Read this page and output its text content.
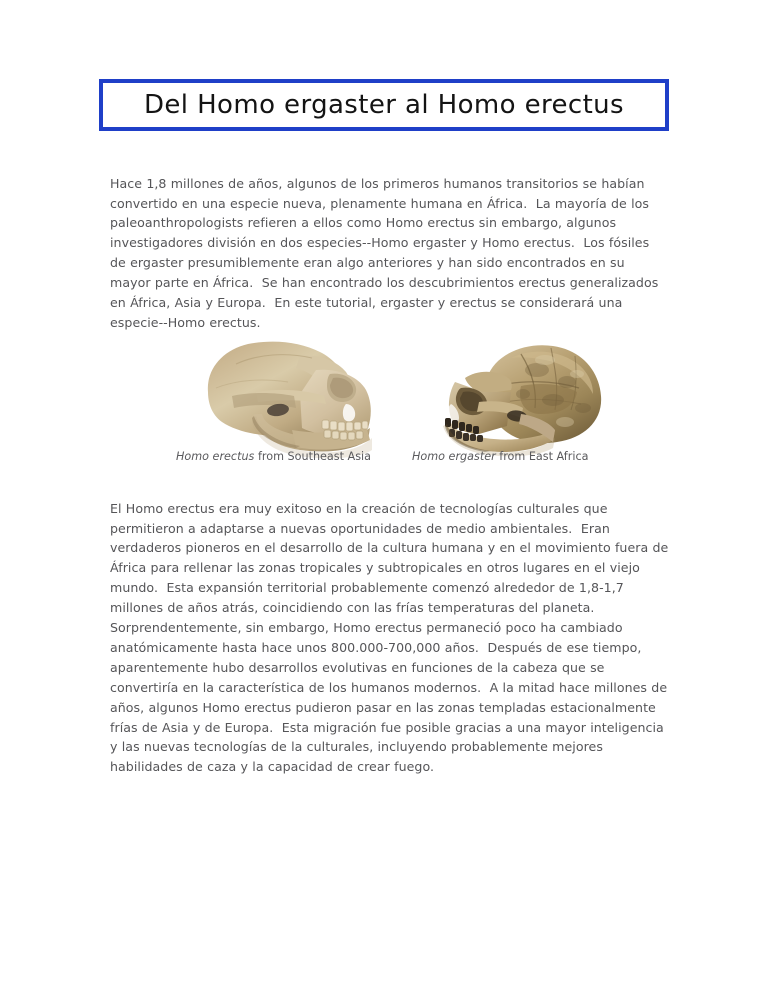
Del Homo ergaster al Homo erectus

Hace 1,8 millones de años, algunos de los primeros humanos transitorios se habían convertido en una especie nueva, plenamente humana en África.  La mayoría de los paleoanthropologists refieren a ellos como Homo erectus sin embargo, algunos investigadores división en dos especies--Homo ergaster y Homo erectus.  Los fósiles de ergaster presumiblemente eran algo anteriores y han sido encontrados en su mayor parte en África.  Se han encontrado los descubrimientos erectus generalizados en África, Asia y Europa.  En este tutorial, ergaster y erectus se considerará una especie--Homo erectus.

Homo erectus from Southeast Asia	Homo ergaster from East Africa

El Homo erectus era muy exitoso en la creación de tecnologías culturales que permitieron a adaptarse a nuevas oportunidades de medio ambientales.  Eran verdaderos pioneros en el desarrollo de la cultura humana y en el movimiento fuera de África para rellenar las zonas tropicales y subtropicales en otros lugares en el viejo mundo.  Esta expansión territorial probablemente comenzó alrededor de 1,8-1,7 millones de años atrás, coincidiendo con las frías temperaturas del planeta. Sorprendentemente, sin embargo, Homo erectus permaneció poco ha cambiado anatómicamente hasta hace unos 800.000-700,000 años.  Después de ese tiempo, aparentemente hubo desarrollos evolutivas en funciones de la cabeza que se convertiría en la característica de los humanos modernos.  A la mitad hace millones de años, algunos Homo erectus pudieron pasar en las zonas templadas estacionalmente frías de Asia y de Europa.  Esta migración fue posible gracias a una mayor inteligencia y las nuevas tecnologías de la culturales, incluyendo probablemente mejores habilidades de caza y la capacidad de crear fuego.
